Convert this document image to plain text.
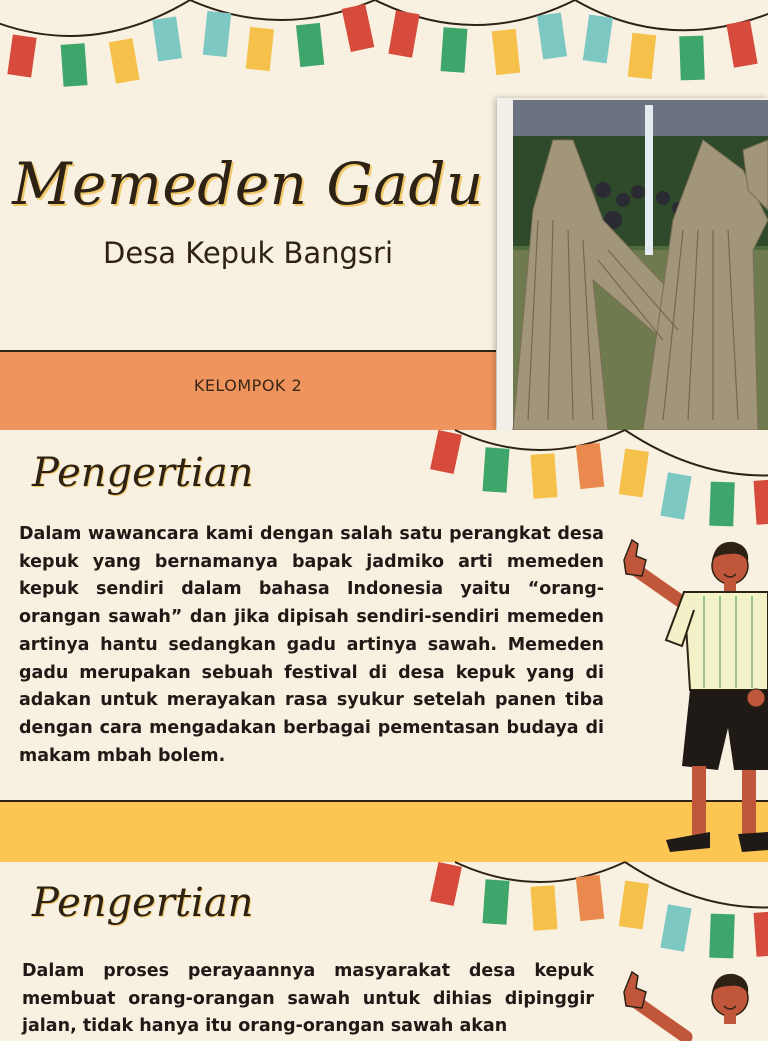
Memeden Gadu
Desa Kepuk Bangsri
KELOMPOK 2
Pengertian

Dalam wawancara kami dengan salah satu perangkat desa kepuk yang bernamanya bapak jadmiko arti memeden kepuk sendiri dalam bahasa Indonesia yaitu “orang-orangan sawah” dan jika dipisah sendiri-sendiri memeden artinya hantu sedangkan gadu artinya sawah. Memeden gadu merupakan sebuah festival di desa kepuk yang di adakan untuk merayakan rasa syukur setelah panen tiba dengan cara mengadakan berbagai pementasan budaya di makam mbah bolem.

Pengertian

Dalam proses perayaannya masyarakat desa kepuk membuat orang-orangan sawah untuk dihias dipinggir jalan, tidak hanya itu orang-orangan sawah akan
